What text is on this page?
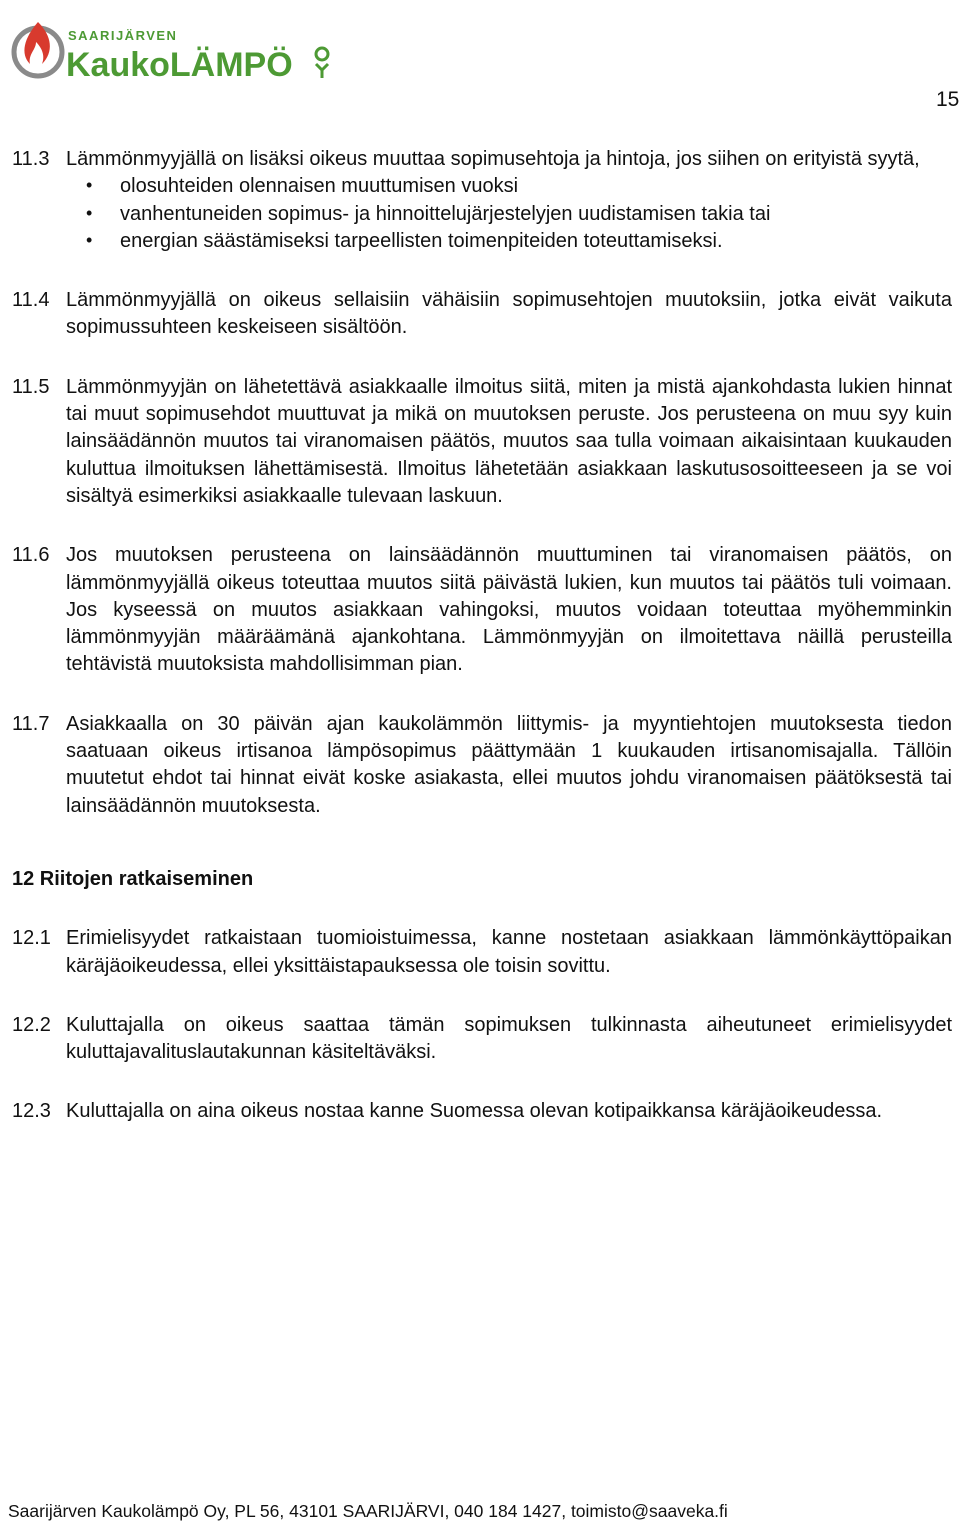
SAARIJÄRVEN
KaukoLÄMPÖ
15
11.3 Lämmönmyyjällä on lisäksi oikeus muuttaa sopimusehtoja ja hintoja, jos siihen on erityistä syytä,

• olosuhteiden olennaisen muuttumisen vuoksi
• vanhentuneiden sopimus- ja hinnoittelujärjestelyjen uudistamisen takia tai
• energian säästämiseksi tarpeellisten toimenpiteiden toteuttamiseksi.
11.4 Lämmönmyyjällä on oikeus sellaisiin vähäisiin sopimusehtojen muutoksiin, jotka eivät vaikuta sopimussuhteen keskeiseen sisältöön.

11.5 Lämmönmyyjän on lähetettävä asiakkaalle ilmoitus siitä, miten ja mistä ajankohdasta lukien hinnat tai muut sopimusehdot muuttuvat ja mikä on muutoksen peruste. Jos perusteena on muu syy kuin lainsäädännön muutos tai viranomaisen päätös, muutos saa tulla voimaan aikaisintaan kuukauden kuluttua ilmoituksen lähettämisestä. Ilmoitus lähetetään asiakkaan laskutusosoitteeseen ja se voi sisältyä esimerkiksi asiakkaalle tulevaan laskuun.

11.6 Jos muutoksen perusteena on lainsäädännön muuttuminen tai viranomaisen päätös, on lämmönmyyjällä oikeus toteuttaa muutos siitä päivästä lukien, kun muutos tai päätös tuli voimaan. Jos kyseessä on muutos asiakkaan vahingoksi, muutos voidaan toteuttaa myöhemminkin lämmönmyyjän määräämänä ajankohtana. Lämmönmyyjän on ilmoitettava näillä perusteilla tehtävistä muutoksista mahdollisimman pian.

11.7 Asiakkaalla on 30 päivän ajan kaukolämmön liittymis- ja myyntiehtojen muutoksesta tiedon saatuaan oikeus irtisanoa lämpösopimus päättymään 1 kuukauden irtisanomisajalla. Tällöin muutetut ehdot tai hinnat eivät koske asiakasta, ellei muutos johdu viranomaisen päätöksestä tai lainsäädännön muutoksesta.

12 Riitojen ratkaiseminen
12.1 Erimielisyydet ratkaistaan tuomioistuimessa, kanne nostetaan asiakkaan lämmönkäyttöpaikan käräjäoikeudessa, ellei yksittäistapauksessa ole toisin sovittu.

12.2 Kuluttajalla on oikeus saattaa tämän sopimuksen tulkinnasta aiheutuneet erimielisyydet kuluttajavalituslautakunnan käsiteltäväksi.

12.3 Kuluttajalla on aina oikeus nostaa kanne Suomessa olevan kotipaikkansa käräjäoikeudessa.

Saarijärven Kaukolämpö Oy, PL 56, 43101 SAARIJÄRVI, 040 184 1427, toimisto@saaveka.fi
